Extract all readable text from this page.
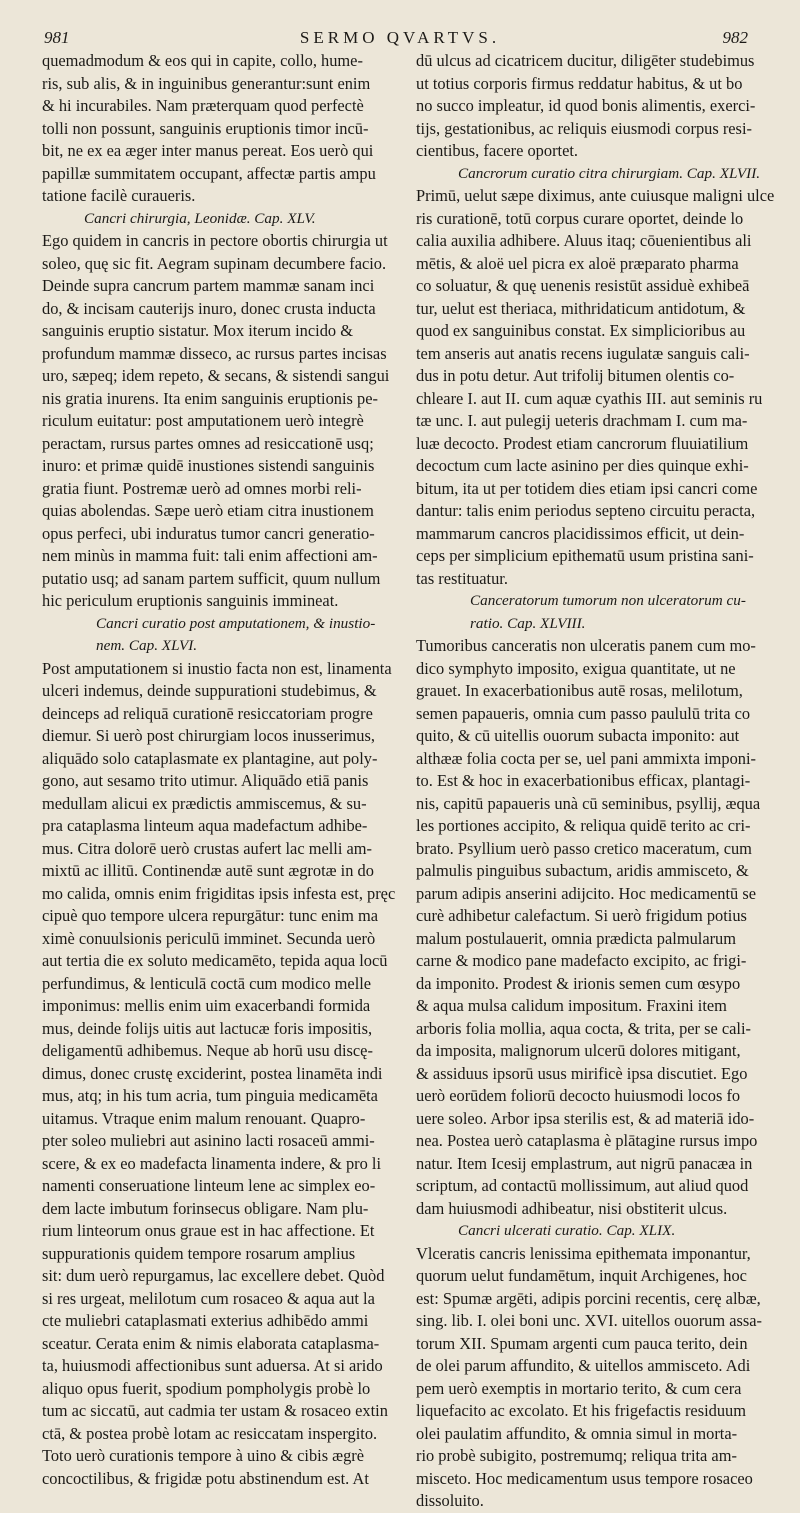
981	SERMO QVARTVS.	982
quemadmodum & eos qui in capite, collo, hume-
ris, sub alis, & in inguinibus generantur:sunt enim
& hi incurabiles. Nam præterquam quod perfectè
tolli non possunt, sanguinis eruptionis timor incū-
bit, ne ex ea æger inter manus pereat. Eos uerò qui
papillæ summitatem occupant, affectæ partis ampu
tatione facilè curaueris.
Cancri chirurgia, Leonidæ. Cap. XLV.
Ego quidem in cancris in pectore obortis chirurgia ut
soleo, quę sic fit. Aegram supinam decumbere facio.
Deinde supra cancrum partem mammæ sanam inci
do, & incisam cauterijs inuro, donec crusta inducta
sanguinis eruptio sistatur. Mox iterum incido &
profundum mammæ disseco, ac rursus partes incisas
uro, sæpeq; idem repeto, & secans, & sistendi sangui
nis gratia inurens. Ita enim sanguinis eruptionis pe-
riculum euitatur: post amputationem uerò integrè
peractam, rursus partes omnes ad resiccationē usq;
inuro: et primæ quidē inustiones sistendi sanguinis
gratia fiunt. Postremæ uerò ad omnes morbi reli-
quias abolendas. Sæpe uerò etiam citra inustionem
opus perfeci, ubi induratus tumor cancri generatio-
nem minùs in mamma fuit: tali enim affectioni am-
putatio usq; ad sanam partem sufficit, quum nullum
hic periculum eruptionis sanguinis immineat.
Cancri curatio post amputationem, & inustio-
nem. Cap. XLVI.
Post amputationem si inustio facta non est, linamenta
ulceri indemus, deinde suppurationi studebimus, &
deinceps ad reliquā curationē resiccatoriam progre
diemur. Si uerò post chirurgiam locos inusserimus,
aliquādo solo cataplasmate ex plantagine, aut poly-
gono, aut sesamo trito utimur. Aliquādo etiā panis
medullam alicui ex prædictis ammiscemus, & su-
pra cataplasma linteum aqua madefactum adhibe-
mus. Citra dolorē uerò crustas aufert lac melli am-
mixtū ac illitū. Continendæ autē sunt ægrotæ in do
mo calida, omnis enim frigiditas ipsis infesta est, pręc
cipuè quo tempore ulcera repurgātur: tunc enim ma
ximè conuulsionis periculū imminet. Secunda uerò
aut tertia die ex soluto medicamēto, tepida aqua locū
perfundimus, & lenticulā coctā cum modico melle
imponimus: mellis enim uim exacerbandi formida
mus, deinde folijs uitis aut lactucæ foris impositis,
deligamentū adhibemus. Neque ab horū usu discę-
dimus, donec crustę exciderint, postea linamēta indi
mus, atq; in his tum acria, tum pinguia medicamēta
uitamus. Vtraque enim malum renouant. Quapro-
pter soleo muliebri aut asinino lacti rosaceū ammi-
scere, & ex eo madefacta linamenta indere, & pro li
namenti conseruatione linteum lene ac simplex eo-
dem lacte imbutum forinsecus obligare. Nam plu-
rium linteorum onus graue est in hac affectione. Et
suppurationis quidem tempore rosarum amplius
sit: dum uerò repurgamus, lac excellere debet. Quòd
si res urgeat, melilotum cum rosaceo & aqua aut la
cte muliebri cataplasmati exterius adhibēdo ammi
sceatur. Cerata enim & nimis elaborata cataplasma-
ta, huiusmodi affectionibus sunt aduersa. At si arido
aliquo opus fuerit, spodium pompholygis probè lo
tum ac siccatū, aut cadmia ter ustam & rosaceo extin
ctā, & postea probè lotam ac resiccatam inspergito.
Toto uerò curationis tempore à uino & cibis ægrè
concoctilibus, & frigidæ potu abstinendum est. At
dū ulcus ad cicatricem ducitur, diligēter studebimus
ut totius corporis firmus reddatur habitus, & ut bo
no succo impleatur, id quod bonis alimentis, exerci-
tijs, gestationibus, ac reliquis eiusmodi corpus resi-
cientibus, facere oportet.
Cancrorum curatio citra chirurgiam. Cap. XLVII.
Primū, uelut sæpe diximus, ante cuiusque maligni ulce
ris curationē, totū corpus curare oportet, deinde lo
calia auxilia adhibere. Aluus itaq; cōuenientibus ali
mētis, & aloë uel picra ex aloë præparato pharma
co soluatur, & quę uenenis resistūt assiduè exhibeā
tur, uelut est theriaca, mithridaticum antidotum, &
quod ex sanguinibus constat. Ex simplicioribus au
tem anseris aut anatis recens iugulatæ sanguis cali-
dus in potu detur. Aut trifolij bitumen olentis co-
chleare I. aut II. cum aquæ cyathis III. aut seminis ru
tæ unc. I. aut pulegij ueteris drachmam I. cum ma-
luæ decocto. Prodest etiam cancrorum fluuiatilium
decoctum cum lacte asinino per dies quinque exhi-
bitum, ita ut per totidem dies etiam ipsi cancri come
dantur: talis enim periodus septeno circuitu peracta,
mammarum cancros placidissimos efficit, ut dein-
ceps per simplicium epithematū usum pristina sani-
tas restituatur.
Canceratorum tumorum non ulceratorum cu-
ratio. Cap. XLVIII.
Tumoribus canceratis non ulceratis panem cum mo-
dico symphyto imposito, exigua quantitate, ut ne
grauet. In exacerbationibus autē rosas, melilotum,
semen papaueris, omnia cum passo paululū trita co
quito, & cū uitellis ouorum subacta imponito: aut
althææ folia cocta per se, uel pani ammixta imponi-
to. Est & hoc in exacerbationibus efficax, plantagi-
nis, capitū papaueris unà cū seminibus, psyllij, æqua
les portiones accipito, & reliqua quidē terito ac cri-
brato. Psyllium uerò passo cretico maceratum, cum
palmulis pinguibus subactum, aridis ammisceto, &
parum adipis anserini adijcito. Hoc medicamentū se
curè adhibetur calefactum. Si uerò frigidum potius
malum postulauerit, omnia prædicta palmularum
carne & modico pane madefacto excipito, ac frigi-
da imponito. Prodest & irionis semen cum œsypo
& aqua mulsa calidum impositum. Fraxini item
arboris folia mollia, aqua cocta, & trita, per se cali-
da imposita, malignorum ulcerū dolores mitigant,
& assiduus ipsorū usus mirificè ipsa discutiet. Ego
uerò eorūdem foliorū decocto huiusmodi locos fo
uere soleo. Arbor ipsa sterilis est, & ad materiā ido-
nea. Postea uerò cataplasma è plātagine rursus impo
natur. Item Icesij emplastrum, aut nigrū panacæa in
scriptum, ad contactū mollissimum, aut aliud quod
dam huiusmodi adhibeatur, nisi obstiterit ulcus.
Cancri ulcerati curatio. Cap. XLIX.
Vlceratis cancris lenissima epithemata imponantur,
quorum uelut fundamētum, inquit Archigenes, hoc
est: Spumæ argēti, adipis porcini recentis, cerę albæ,
sing. lib. I. olei boni unc. XVI. uitellos ouorum assa-
torum XII. Spumam argenti cum pauca terito, dein
de olei parum affundito, & uitellos ammisceto. Adi
pem uerò exemptis in mortario terito, & cum cera
liquefacito ac excolato. Et his frigefactis residuum
olei paulatim affundito, & omnia simul in morta-
rio probè subigito, postremumq; reliqua trita am-
misceto. Hoc medicamentum usus tempore rosaceo
dissoluito.
